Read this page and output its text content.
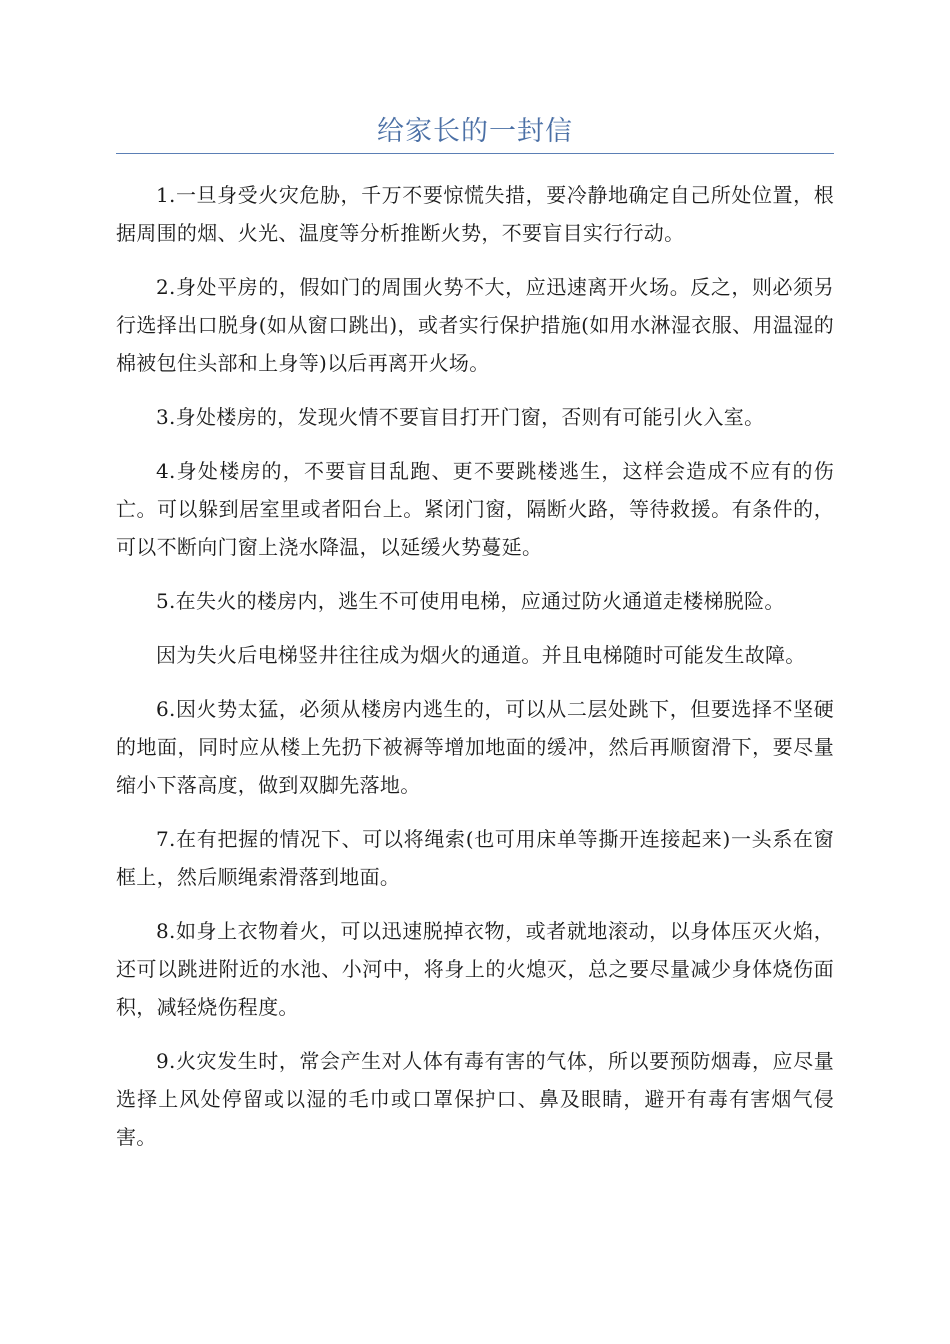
给家长的一封信

1.一旦身受火灾危胁，千万不要惊慌失措，要冷静地确定自己所处位置，根据周围的烟、火光、温度等分析推断火势，不要盲目实行行动。

2.身处平房的，假如门的周围火势不大，应迅速离开火场。反之，则必须另行选择出口脱身(如从窗口跳出)，或者实行保护措施(如用水淋湿衣服、用温湿的棉被包住头部和上身等)以后再离开火场。

3.身处楼房的，发现火情不要盲目打开门窗，否则有可能引火入室。

4.身处楼房的，不要盲目乱跑、更不要跳楼逃生，这样会造成不应有的伤亡。可以躲到居室里或者阳台上。紧闭门窗，隔断火路，等待救援。有条件的，可以不断向门窗上浇水降温，以延缓火势蔓延。

5.在失火的楼房内，逃生不可使用电梯，应通过防火通道走楼梯脱险。

因为失火后电梯竖井往往成为烟火的通道。并且电梯随时可能发生故障。

6.因火势太猛，必须从楼房内逃生的，可以从二层处跳下，但要选择不坚硬的地面，同时应从楼上先扔下被褥等增加地面的缓冲，然后再顺窗滑下，要尽量缩小下落高度，做到双脚先落地。

7.在有把握的情况下、可以将绳索(也可用床单等撕开连接起来)一头系在窗框上，然后顺绳索滑落到地面。

8.如身上衣物着火，可以迅速脱掉衣物，或者就地滚动，以身体压灭火焰，还可以跳进附近的水池、小河中，将身上的火熄灭，总之要尽量减少身体烧伤面积，减轻烧伤程度。

9.火灾发生时，常会产生对人体有毒有害的气体，所以要预防烟毒，应尽量选择上风处停留或以湿的毛巾或口罩保护口、鼻及眼睛，避开有毒有害烟气侵害。
